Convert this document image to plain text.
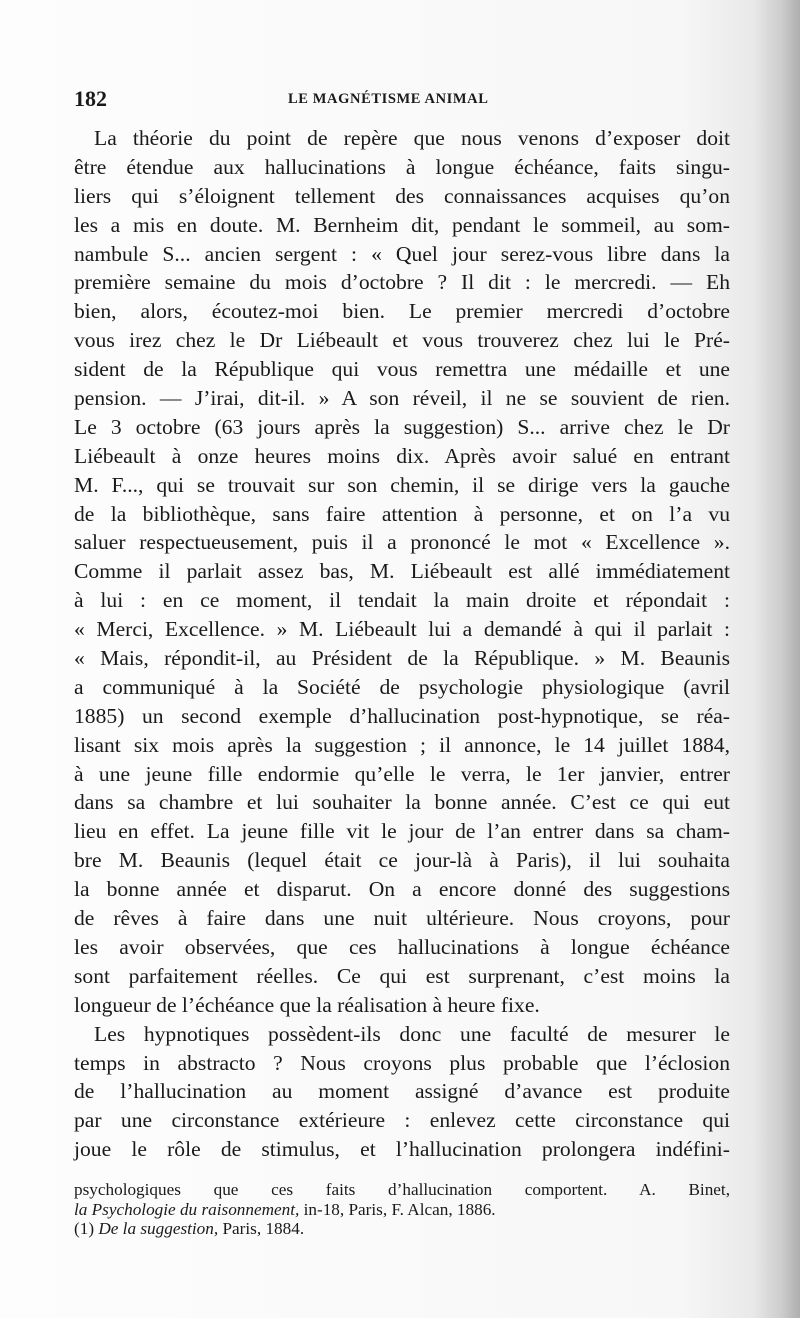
182	LE MAGNÉTISME ANIMAL
La théorie du point de repère que nous venons d’exposer doit
être étendue aux hallucinations à longue échéance, faits singu-
liers qui s’éloignent tellement des connaissances acquises qu’on
les a mis en doute. M. Bernheim dit, pendant le sommeil, au som-
nambule S... ancien sergent : « Quel jour serez-vous libre dans la
première semaine du mois d’octobre ? Il dit : le mercredi. — Eh
bien, alors, écoutez-moi bien. Le premier mercredi d’octobre
vous irez chez le Dr Liébeault et vous trouverez chez lui le Pré-
sident de la République qui vous remettra une médaille et une
pension. — J’irai, dit-il. » A son réveil, il ne se souvient de rien.
Le 3 octobre (63 jours après la suggestion) S... arrive chez le Dr
Liébeault à onze heures moins dix. Après avoir salué en entrant
M. F..., qui se trouvait sur son chemin, il se dirige vers la gauche
de la bibliothèque, sans faire attention à personne, et on l’a vu
saluer respectueusement, puis il a prononcé le mot « Excellence ».
Comme il parlait assez bas, M. Liébeault est allé immédiatement
à lui : en ce moment, il tendait la main droite et répondait :
« Merci, Excellence. » M. Liébeault lui a demandé à qui il parlait :
« Mais, répondit-il, au Président de la République. » M. Beaunis
a communiqué à la Société de psychologie physiologique (avril
1885) un second exemple d’hallucination post-hypnotique, se réa-
lisant six mois après la suggestion ; il annonce, le 14 juillet 1884,
à une jeune fille endormie qu’elle le verra, le 1er janvier, entrer
dans sa chambre et lui souhaiter la bonne année. C’est ce qui eut
lieu en effet. La jeune fille vit le jour de l’an entrer dans sa cham-
bre M. Beaunis (lequel était ce jour-là à Paris), il lui souhaita
la bonne année et disparut. On a encore donné des suggestions
de rêves à faire dans une nuit ultérieure. Nous croyons, pour
les avoir observées, que ces hallucinations à longue échéance
sont parfaitement réelles. Ce qui est surprenant, c’est moins la
longueur de l’échéance que la réalisation à heure fixe.
Les hypnotiques possèdent-ils donc une faculté de mesurer le
temps in abstracto ? Nous croyons plus probable que l’éclosion
de l’hallucination au moment assigné d’avance est produite
par une circonstance extérieure : enlevez cette circonstance qui
joue le rôle de stimulus, et l’hallucination prolongera indéfini-
psychologiques que ces faits d’hallucination comportent. A. Binet,
la Psychologie du raisonnement, in-18, Paris, F. Alcan, 1886.
(1) De la suggestion, Paris, 1884.
